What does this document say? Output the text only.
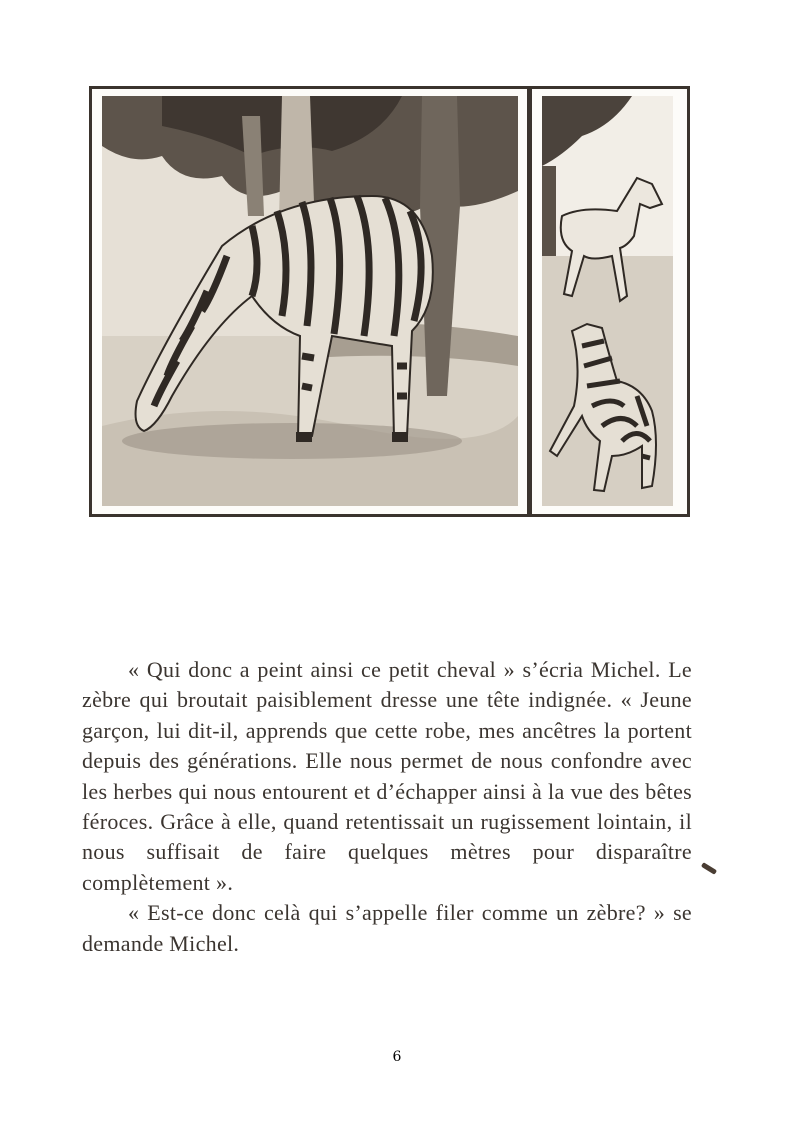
« Qui donc a peint ainsi ce petit cheval » s’écria Michel. Le zèbre qui broutait paisiblement dresse une tête indignée. « Jeune garçon, lui dit-il, apprends que cette robe, mes ancêtres la portent depuis des générations. Elle nous permet de nous confondre avec les herbes qui nous entourent et d’échapper ainsi à la vue des bêtes féroces. Grâce à elle, quand retentissait un rugissement lointain, il nous suffisait de faire quelques mètres pour disparaître complètement ».

« Est-ce donc celà qui s’appelle filer comme un zèbre? » se demande Michel.

6
